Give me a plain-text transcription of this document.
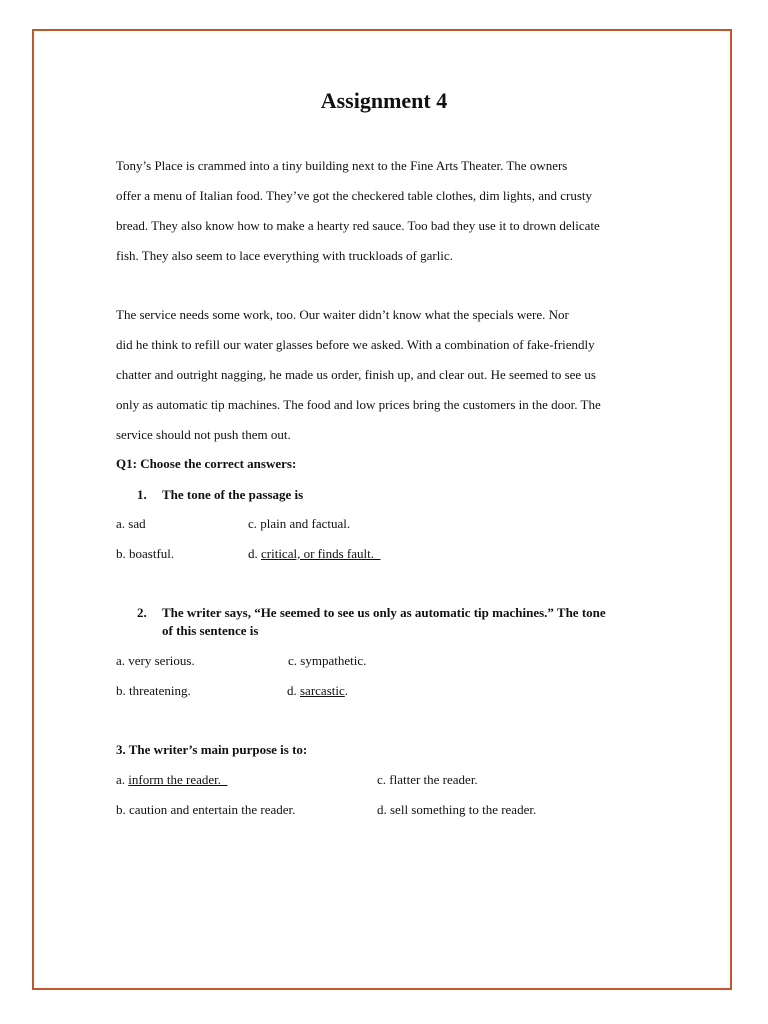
Assignment 4

Tony’s Place is crammed into a tiny building next to the Fine Arts Theater. The owners

offer a menu of Italian food. They’ve got the checkered table clothes, dim lights, and crusty

bread. They also know how to make a hearty red sauce. Too bad they use it to drown delicate

fish. They also seem to lace everything with truckloads of garlic.

The service needs some work, too. Our waiter didn’t know what the specials were. Nor

did he think to refill our water glasses before we asked. With a combination of fake-friendly

chatter and outright nagging, he made us order, finish up, and clear out. He seemed to see us

only as automatic tip machines. The food and low prices bring the customers in the door. The

service should not push them out.

Q1: Choose the correct answers:

1. The tone of the passage is
a. sad	c. plain and factual.
b. boastful.	d. critical, or finds fault.
2. The writer says, “He seemed to see us only as automatic tip machines.” The tone
of this sentence is
a. very serious.	c. sympathetic.
b. threatening.	d. sarcastic.

3. The writer’s main purpose is to:

a. inform the reader.	c. flatter the reader.
b. caution and entertain the reader.	d. sell something to the reader.
